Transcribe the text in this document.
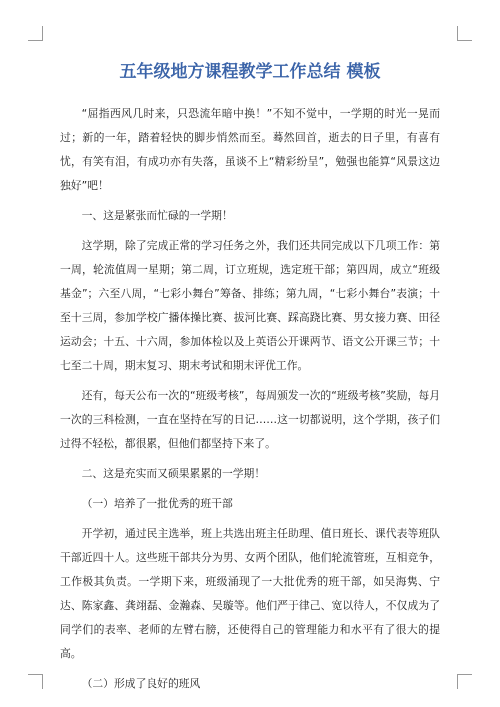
五年级地方课程教学工作总结 模板

“屈指西风几时来，只恐流年暗中换！”不知不觉中，一学期的时光一晃而过；新的一年，踏着轻快的脚步悄然而至。蓦然回首，逝去的日子里，有喜有忧，有笑有泪，有成功亦有失落，虽谈不上“精彩纷呈”，勉强也能算“风景这边独好”吧！

一、这是紧张而忙碌的一学期！

这学期，除了完成正常的学习任务之外，我们还共同完成以下几项工作：第一周，轮流值周一星期；第二周，订立班规，选定班干部；第四周，成立“班级基金”；六至八周，“七彩小舞台”筹备、排练；第九周，“七彩小舞台”表演；十至十三周，参加学校广播体操比赛、拔河比赛、踩高跷比赛、男女接力赛、田径运动会；十五、十六周，参加体检以及上英语公开课两节、语文公开课三节；十七至二十周，期末复习、期末考试和期末评优工作。

还有，每天公布一次的“班级考核”，每周颁发一次的“班级考核”奖励，每月一次的三科检测，一直在坚持在写的日记……这一切都说明，这个学期，孩子们过得不轻松，都很累，但他们都坚持下来了。

二、这是充实而又硕果累累的一学期！

（一）培养了一批优秀的班干部

开学初，通过民主选举，班上共选出班主任助理、值日班长、课代表等班队干部近四十人。这些班干部共分为男、女两个团队，他们轮流管班，互相竞争，工作极其负责。一学期下来，班级涌现了一大批优秀的班干部，如吴海隽、宁达、陈家鑫、龚翊磊、金瀚森、吴璇等。他们严于律己、宽以待人，不仅成为了同学们的表率、老师的左臂右膀，还使得自己的管理能力和水平有了很大的提高。

（二）形成了良好的班风
